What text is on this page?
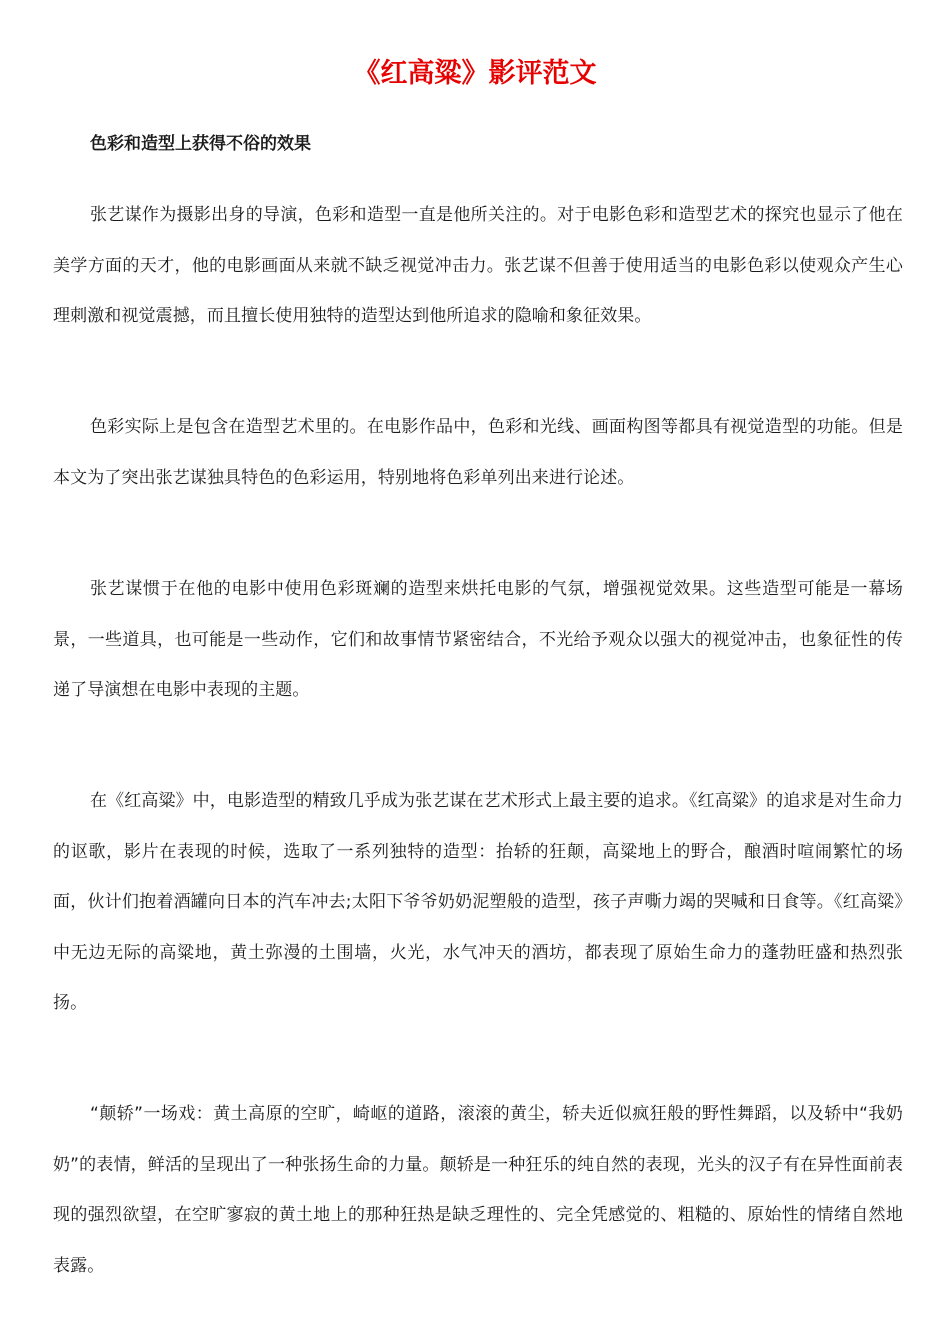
《红高粱》影评范文
色彩和造型上获得不俗的效果

张艺谋作为摄影出身的导演，色彩和造型一直是他所关注的。对于电影色彩和造型艺术的探究也显示了他在美学方面的天才，他的电影画面从来就不缺乏视觉冲击力。张艺谋不但善于使用适当的电影色彩以使观众产生心理刺激和视觉震撼，而且擅长使用独特的造型达到他所追求的隐喻和象征效果。

色彩实际上是包含在造型艺术里的。在电影作品中，色彩和光线、画面构图等都具有视觉造型的功能。但是本文为了突出张艺谋独具特色的色彩运用，特别地将色彩单列出来进行论述。

张艺谋惯于在他的电影中使用色彩斑斓的造型来烘托电影的气氛，增强视觉效果。这些造型可能是一幕场景，一些道具，也可能是一些动作，它们和故事情节紧密结合，不光给予观众以强大的视觉冲击，也象征性的传递了导演想在电影中表现的主题。

在《红高粱》中，电影造型的精致几乎成为张艺谋在艺术形式上最主要的追求。《红高粱》的追求是对生命力的讴歌，影片在表现的时候，选取了一系列独特的造型：抬轿的狂颠，高粱地上的野合，酿酒时喧闹繁忙的场面，伙计们抱着酒罐向日本的汽车冲去;太阳下爷爷奶奶泥塑般的造型，孩子声嘶力竭的哭喊和日食等。《红高粱》中无边无际的高粱地，黄土弥漫的土围墙，火光，水气冲天的酒坊，都表现了原始生命力的蓬勃旺盛和热烈张扬。

“颠轿”一场戏：黄土高原的空旷，崎岖的道路，滚滚的黄尘，轿夫近似疯狂般的野性舞蹈，以及轿中“我奶奶”的表情，鲜活的呈现出了一种张扬生命的力量。颠轿是一种狂乐的纯自然的表现，光头的汉子有在异性面前表现的强烈欲望，在空旷寥寂的黄土地上的那种狂热是缺乏理性的、完全凭感觉的、粗糙的、原始性的情绪自然地表露。
